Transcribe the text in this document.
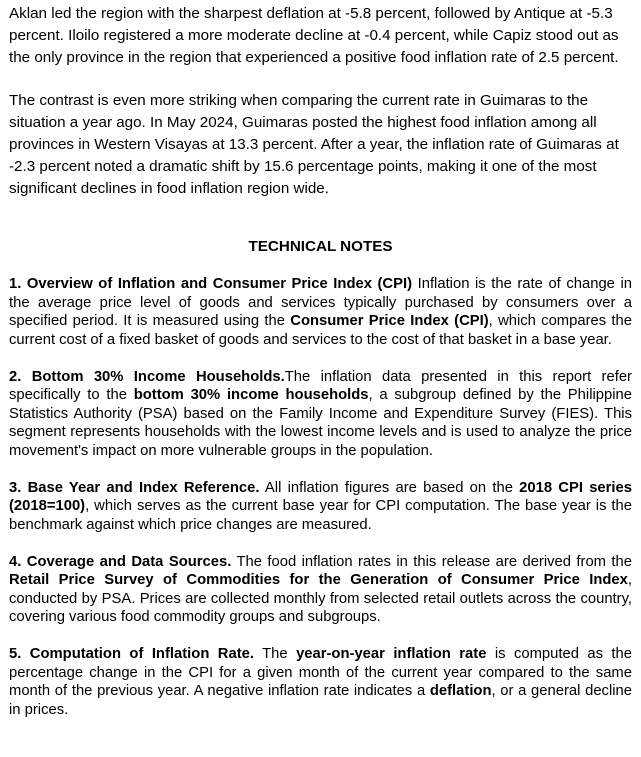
Aklan led the region with the sharpest deflation at -5.8 percent, followed by Antique at -5.3 percent. Iloilo registered a more moderate decline at -0.4 percent, while Capiz stood out as the only province in the region that experienced a positive food inflation rate of 2.5 percent.

The contrast is even more striking when comparing the current rate in Guimaras to the situation a year ago. In May 2024, Guimaras posted the highest food inflation among all provinces in Western Visayas at 13.3 percent. After a year, the inflation rate of Guimaras at -2.3 percent noted a dramatic shift by 15.6 percentage points, making it one of the most significant declines in food inflation region wide.

TECHNICAL NOTES

1. Overview of Inflation and Consumer Price Index (CPI) Inflation is the rate of change in the average price level of goods and services typically purchased by consumers over a specified period. It is measured using the Consumer Price Index (CPI), which compares the current cost of a fixed basket of goods and services to the cost of that basket in a base year.

2. Bottom 30% Income Households.The inflation data presented in this report refer specifically to the bottom 30% income households, a subgroup defined by the Philippine Statistics Authority (PSA) based on the Family Income and Expenditure Survey (FIES). This segment represents households with the lowest income levels and is used to analyze the price movement's impact on more vulnerable groups in the population.

3. Base Year and Index Reference. All inflation figures are based on the 2018 CPI series (2018=100), which serves as the current base year for CPI computation. The base year is the benchmark against which price changes are measured.

4. Coverage and Data Sources. The food inflation rates in this release are derived from the Retail Price Survey of Commodities for the Generation of Consumer Price Index, conducted by PSA. Prices are collected monthly from selected retail outlets across the country, covering various food commodity groups and subgroups.

5. Computation of Inflation Rate. The year-on-year inflation rate is computed as the percentage change in the CPI for a given month of the current year compared to the same month of the previous year. A negative inflation rate indicates a deflation, or a general decline in prices.
